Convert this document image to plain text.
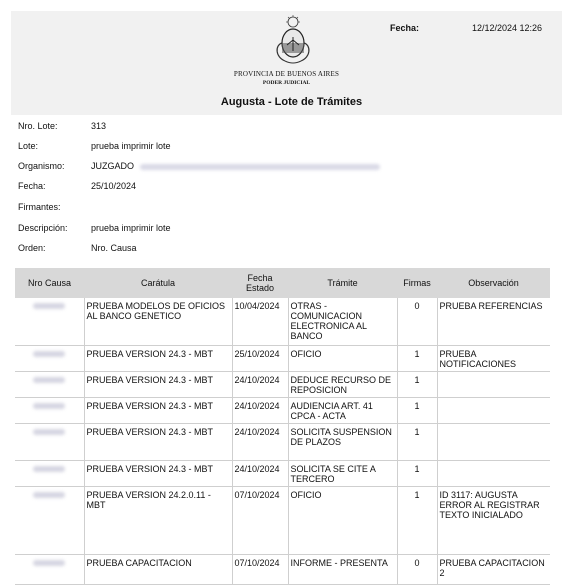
PROVINCIA DE BUENOS AIRES
PODER JUDICIAL
Augusta - Lote de Trámites
Fecha:	12/12/2024 12:26
Nro. Lote:	313
Lote:	prueba imprimir lote
Organismo:	JUZGADO
Fecha:	25/10/2024
Firmantes:
Descripción:	prueba imprimir lote
Orden:	Nro. Causa
Nro Causa	Carátula	Fecha Estado	Trámite	Firmas	Observación
	PRUEBA MODELOS DE OFICIOS AL BANCO GENETICO	10/04/2024	OTRAS - COMUNICACION ELECTRONICA AL BANCO	0	PRUEBA REFERENCIAS
	PRUEBA VERSION 24.3 - MBT	25/10/2024	OFICIO	1	PRUEBA NOTIFICACIONES
	PRUEBA VERSION 24.3 - MBT	24/10/2024	DEDUCE RECURSO DE REPOSICION	1	
	PRUEBA VERSION 24.3 - MBT	24/10/2024	AUDIENCIA ART. 41 CPCA - ACTA	1	
	PRUEBA VERSION 24.3 - MBT	24/10/2024	SOLICITA SUSPENSION DE PLAZOS	1	
	PRUEBA VERSION 24.3 - MBT	24/10/2024	SOLICITA SE CITE A TERCERO	1	
	PRUEBA VERSION 24.2.0.11 - MBT	07/10/2024	OFICIO	1	ID 3117: AUGUSTA ERROR AL REGISTRAR TEXTO INICIALADO
	PRUEBA CAPACITACION	07/10/2024	INFORME - PRESENTA	0	PRUEBA CAPACITACION 2
